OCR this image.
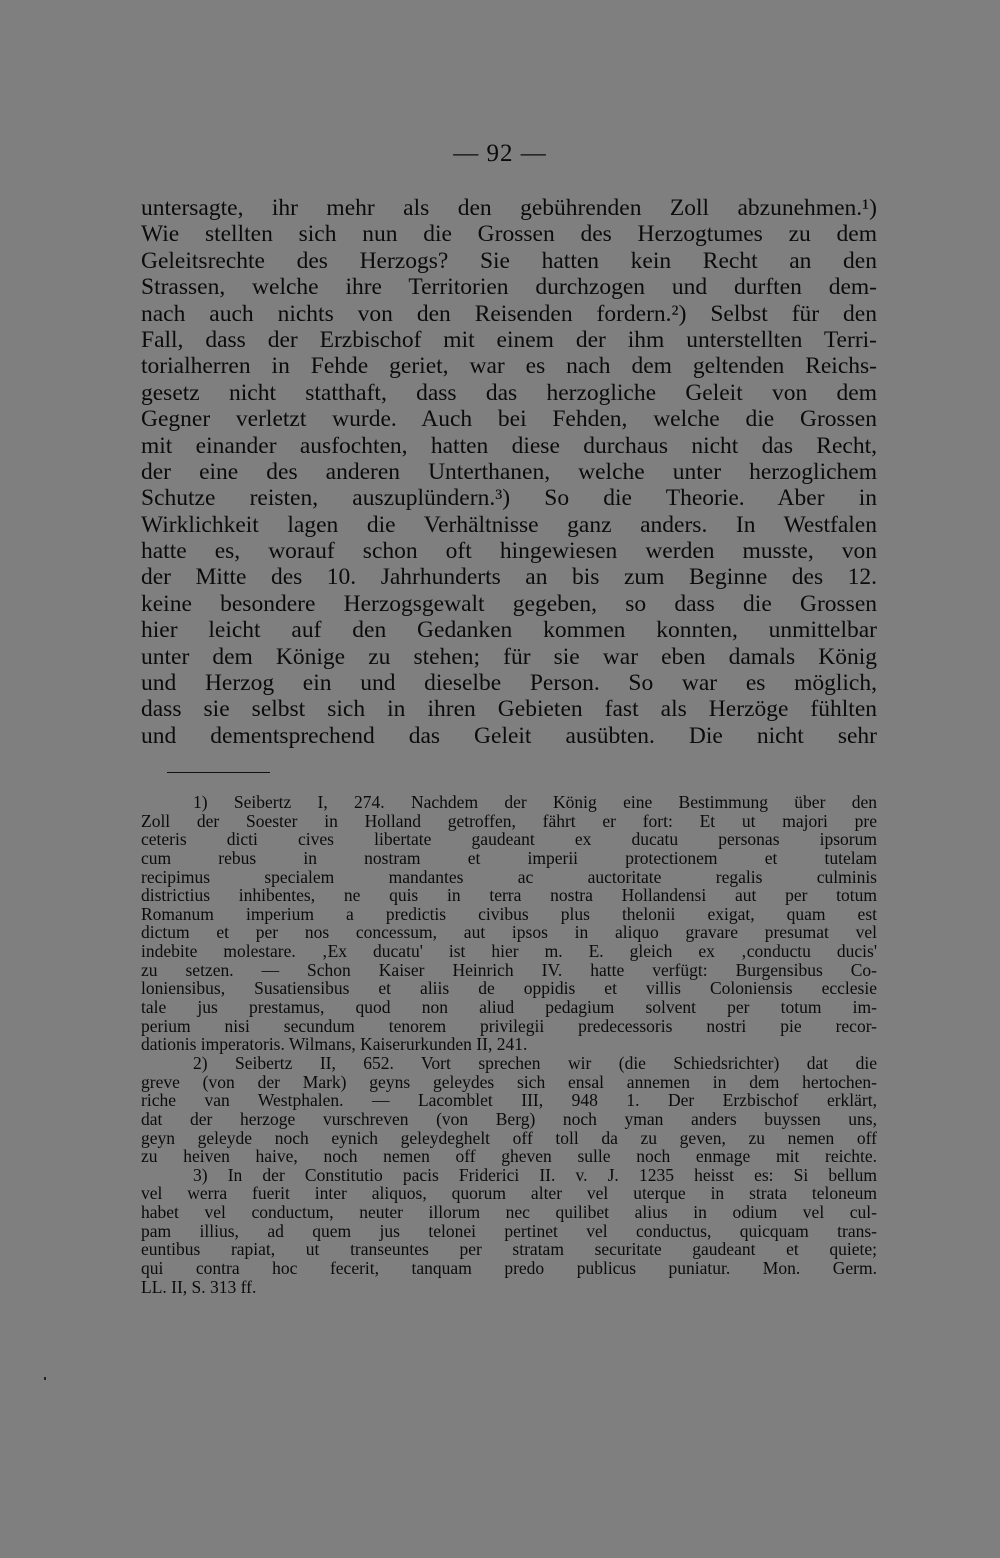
— 92 —
untersagte, ihr mehr als den gebührenden Zoll abzunehmen.¹)
Wie stellten sich nun die Grossen des Herzogtumes zu dem
Geleitsrechte des Herzogs? Sie hatten kein Recht an den
Strassen, welche ihre Territorien durchzogen und durften dem-
nach auch nichts von den Reisenden fordern.²) Selbst für den
Fall, dass der Erzbischof mit einem der ihm unterstellten Terri-
torialherren in Fehde geriet, war es nach dem geltenden Reichs-
gesetz nicht statthaft, dass das herzogliche Geleit von dem
Gegner verletzt wurde. Auch bei Fehden, welche die Grossen
mit einander ausfochten, hatten diese durchaus nicht das Recht,
der eine des anderen Unterthanen, welche unter herzoglichem
Schutze reisten, auszuplündern.³) So die Theorie. Aber in
Wirklichkeit lagen die Verhältnisse ganz anders. In Westfalen
hatte es, worauf schon oft hingewiesen werden musste, von
der Mitte des 10. Jahrhunderts an bis zum Beginne des 12.
keine besondere Herzogsgewalt gegeben, so dass die Grossen
hier leicht auf den Gedanken kommen konnten, unmittelbar
unter dem Könige zu stehen; für sie war eben damals König
und Herzog ein und dieselbe Person. So war es möglich,
dass sie selbst sich in ihren Gebieten fast als Herzöge fühlten
und dementsprechend das Geleit ausübten. Die nicht sehr
1) Seibertz I, 274. Nachdem der König eine Bestimmung über den
Zoll der Soester in Holland getroffen, fährt er fort: Et ut majori pre
ceteris dicti cives libertate gaudeant ex ducatu personas ipsorum
cum rebus in nostram et imperii protectionem et tutelam
recipimus specialem mandantes ac auctoritate regalis culminis
districtius inhibentes, ne quis in terra nostra Hollandensi aut per totum
Romanum imperium a predictis civibus plus thelonii exigat, quam est
dictum et per nos concessum, aut ipsos in aliquo gravare presumat vel
indebite molestare. ‚Ex ducatu' ist hier m. E. gleich ex ‚conductu ducis'
zu setzen. — Schon Kaiser Heinrich IV. hatte verfügt: Burgensibus Co-
loniensibus, Susatiensibus et aliis de oppidis et villis Coloniensis ecclesie
tale jus prestamus, quod non aliud pedagium solvent per totum im-
perium nisi secundum tenorem privilegii predecessoris nostri pie recor-
dationis imperatoris. Wilmans, Kaiserurkunden II, 241.
2) Seibertz II, 652. Vort sprechen wir (die Schiedsrichter) dat die
greve (von der Mark) geyns geleydes sich ensal annemen in dem hertochen-
riche van Westphalen. — Lacomblet III, 948 1. Der Erzbischof erklärt,
dat der herzoge vurschreven (von Berg) noch yman anders buyssen uns,
geyn geleyde noch eynich geleydeghelt off toll da zu geven, zu nemen off
zu heiven haive, noch nemen off gheven sulle noch enmage mit reichte.
3) In der Constitutio pacis Friderici II. v. J. 1235 heisst es: Si bellum
vel werra fuerit inter aliquos, quorum alter vel uterque in strata teloneum
habet vel conductum, neuter illorum nec quilibet alius in odium vel cul-
pam illius, ad quem jus telonei pertinet vel conductus, quicquam trans-
euntibus rapiat, ut transeuntes per stratam securitate gaudeant et quiete;
qui contra hoc fecerit, tanquam predo publicus puniatur. Mon. Germ.
LL. II, S. 313 ff.
